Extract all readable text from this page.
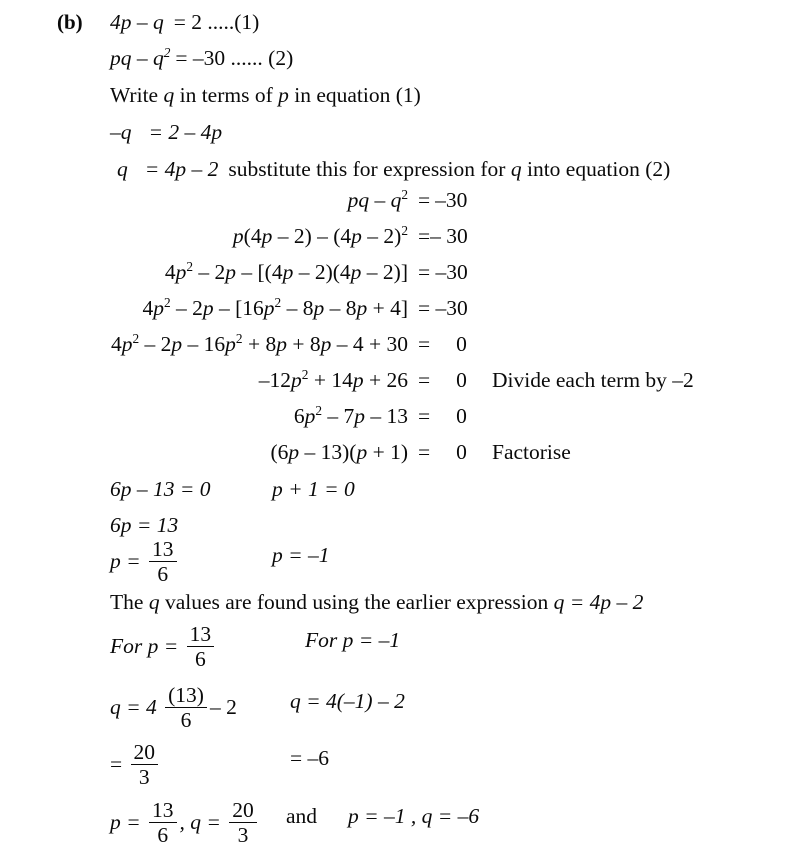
(b) 4p – q = 2 .....(1)
pq – $q^2 = -30$ ...... (2)
Write q in terms of p in equation (1)
–q = 2 – 4p
q = 4p – 2 substitute this for expression for q into equation (2)
pq – $q^2 = -30$
p(4p – 2) – (4p – 2)$^2$ =– 30
$4p^2 - 2p - [(4p - 2)(4p - 2)] = -30$
$4p^2 - 2p - [16p^2 - 8p - 8p + 4] = -30$
$4p^2 - 2p - 16p^2 + 8p + 8p - 4 + 30 = 0$
$-12p^2 + 14p + 26 = 0$ Divide each term by –2
$6p^2 - 7p - 13 = 0$
(6p – 13)(p + 1) = 0 Factorise
6p – 13 = 0	p + 1 = 0
6p = 13
$p = \frac{13}{6}$	p = –1
The q values are found using the earlier expression q = 4p – 2
For $p = \frac{13}{6}$	For p = –1
$q = 4 \frac{(13)}{6} - 2$ q = 4(–1) – 2
= $\frac{20}{3}$	= –6
$p = \frac{13}{6}$ , $q = \frac{20}{3}$ and p = –1 , q = –6
